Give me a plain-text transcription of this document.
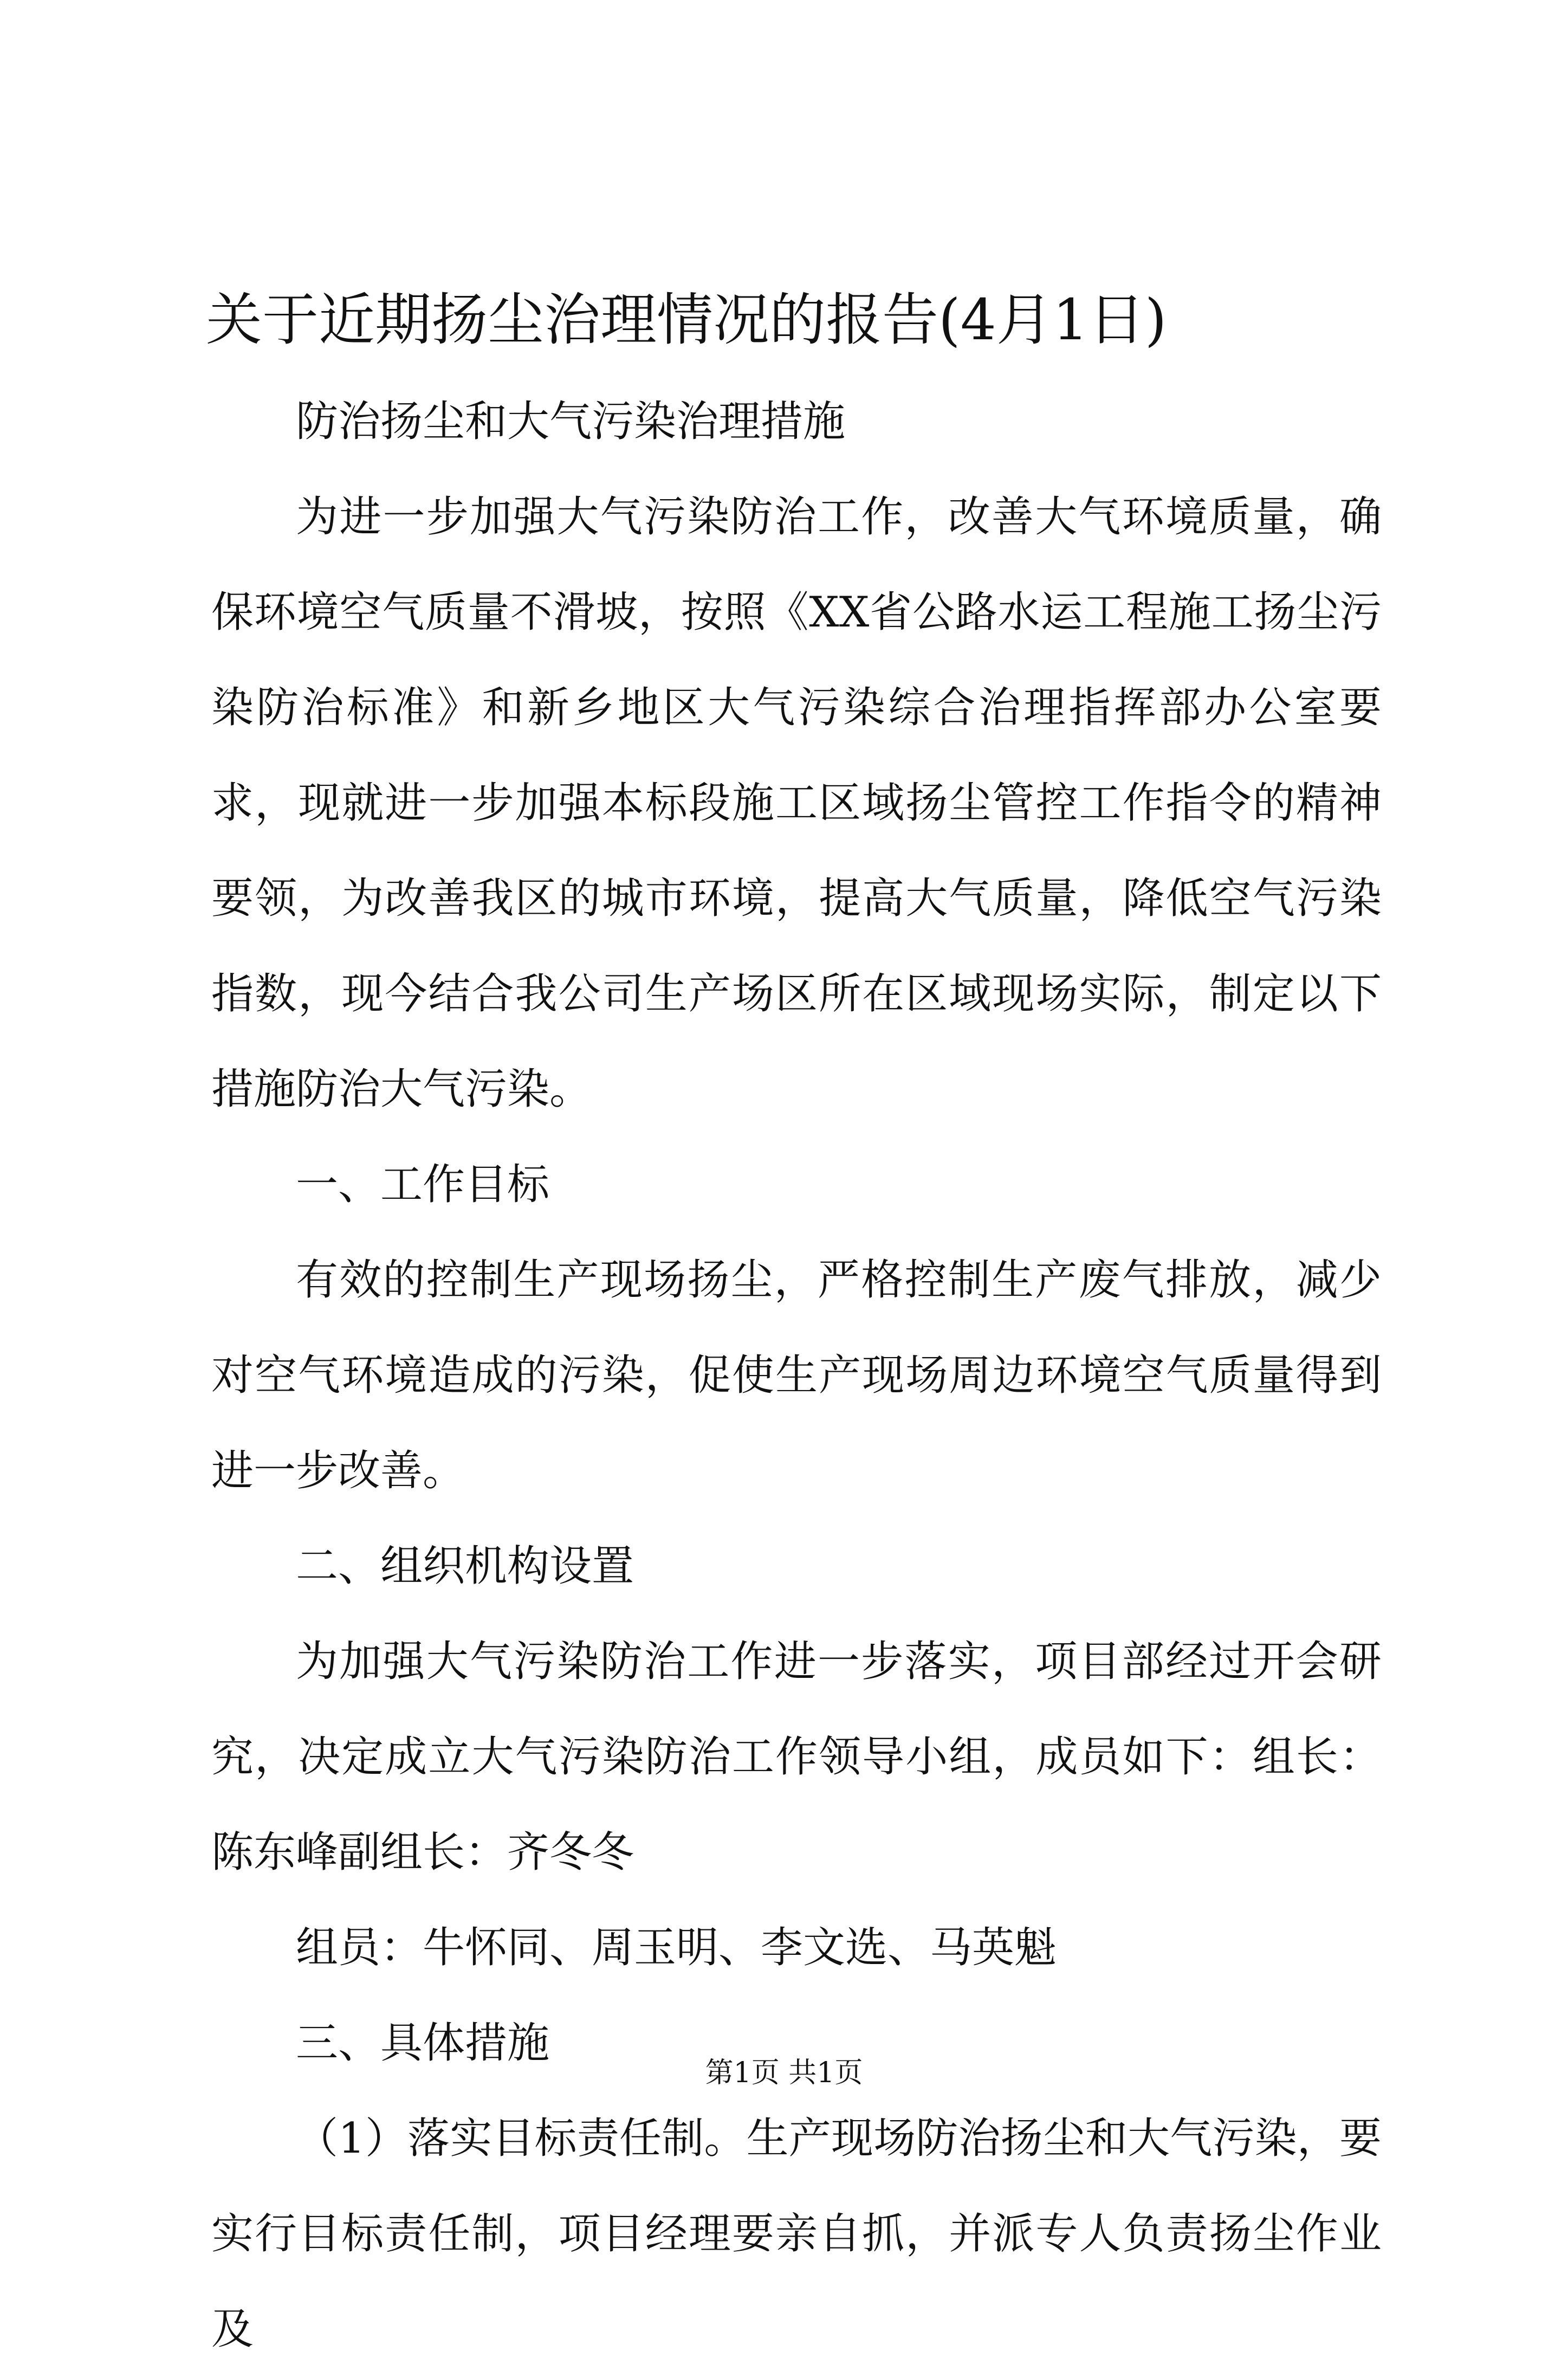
关于近期扬尘治理情况的报告(4月1日)

防治扬尘和大气污染治理措施

为进一步加强大气污染防治工作，改善大气环境质量，确保环境空气质量不滑坡，按照《XX省公路水运工程施工扬尘污染防治标准》和新乡地区大气污染综合治理指挥部办公室要求，现就进一步加强本标段施工区域扬尘管控工作指令的精神要领，为改善我区的城市环境，提高大气质量，降低空气污染指数，现今结合我公司生产场区所在区域现场实际，制定以下措施防治大气污染。

一、工作目标

有效的控制生产现场扬尘，严格控制生产废气排放，减少对空气环境造成的污染，促使生产现场周边环境空气质量得到进一步改善。

二、组织机构设置

为加强大气污染防治工作进一步落实，项目部经过开会研究，决定成立大气污染防治工作领导小组，成员如下：组长：陈东峰副组长：齐冬冬

组员：牛怀同、周玉明、李文选、马英魁

三、具体措施

（1）落实目标责任制。生产现场防治扬尘和大气污染，要实行目标责任制，项目经理要亲自抓，并派专人负责扬尘作业及

第1页 共1页
